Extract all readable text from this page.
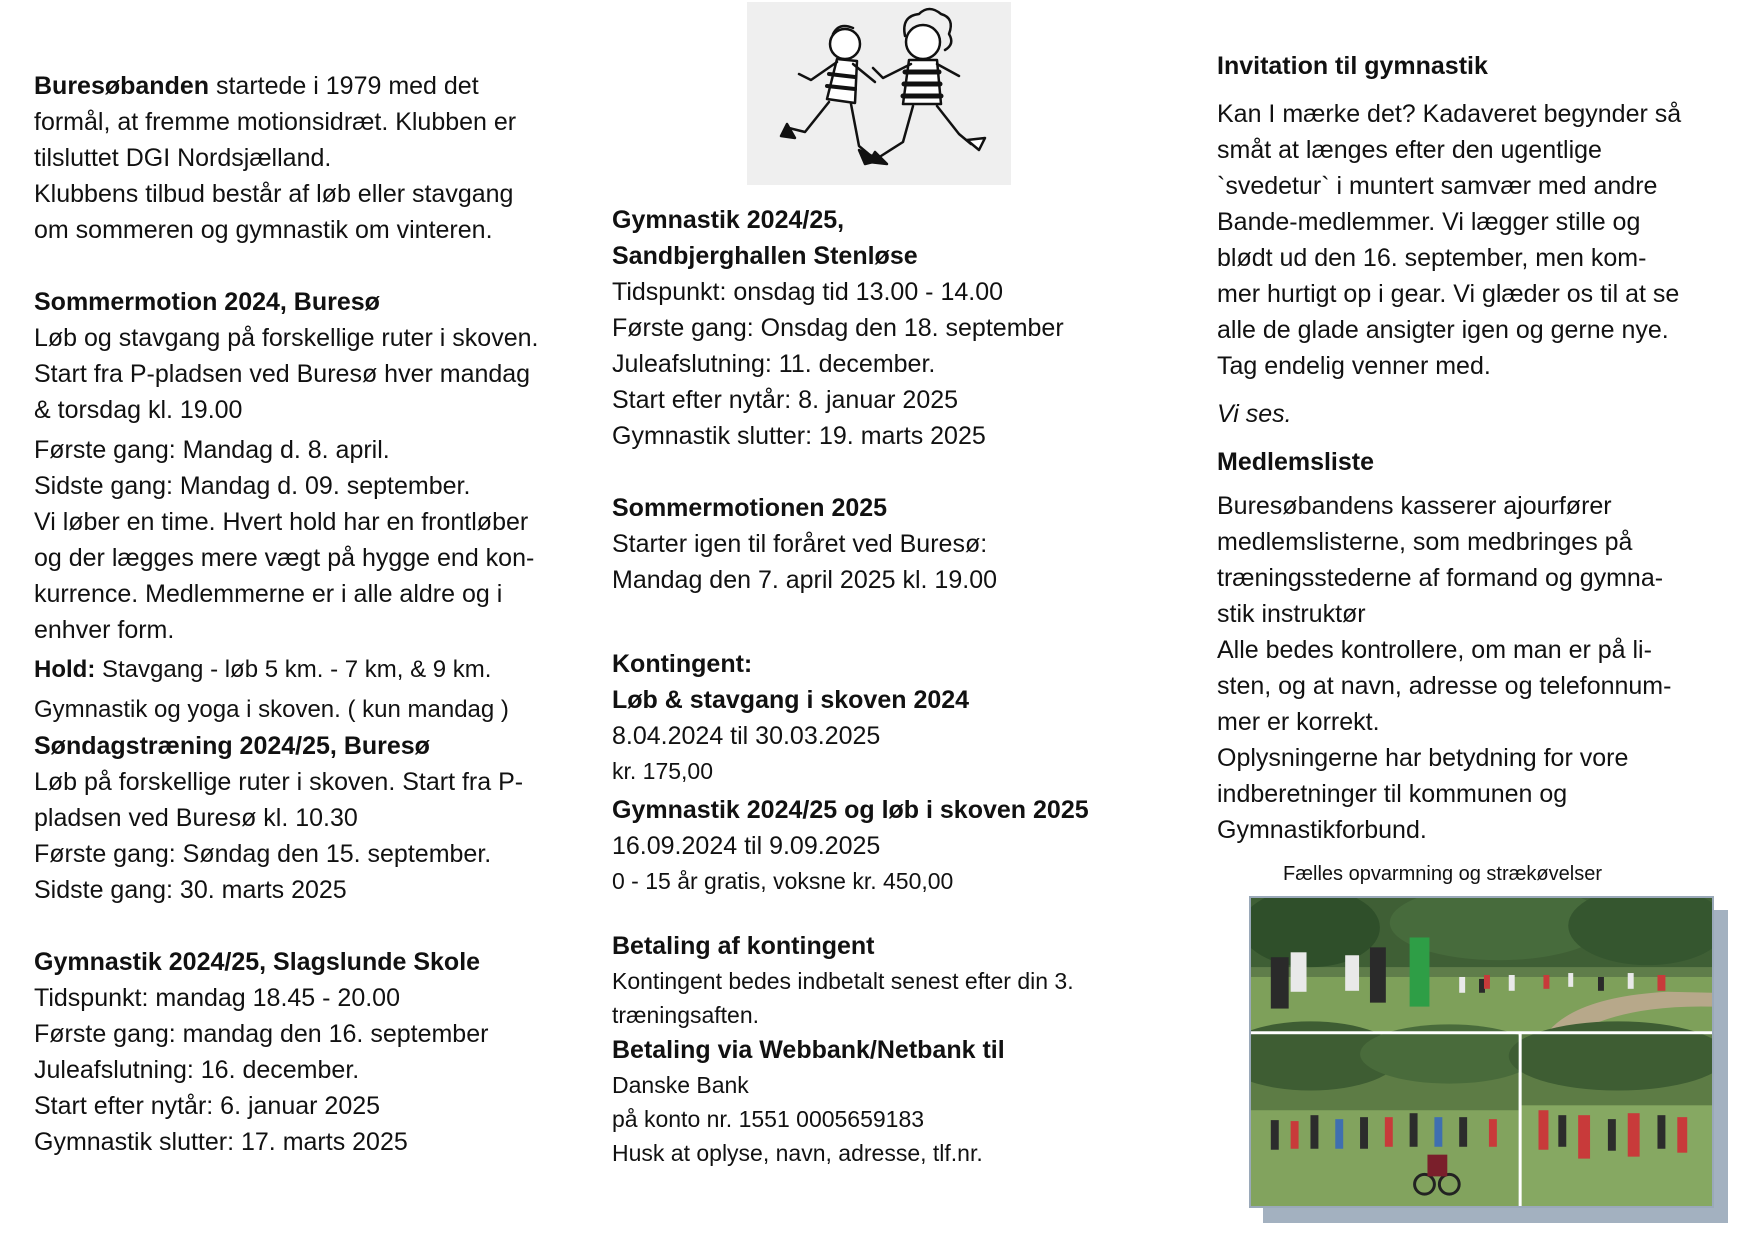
Buresøbanden startede i 1979 med det
formål, at fremme motionsidræt. Klubben er
tilsluttet DGI Nordsjælland.
Klubbens tilbud består af løb eller stavgang
om sommeren og gymnastik om vinteren.
Sommermotion 2024, Buresø
Løb og stavgang på forskellige ruter i skoven.
Start fra P-pladsen ved Buresø hver mandag
& torsdag kl. 19.00
Første gang: Mandag d. 8. april.
Sidste gang: Mandag d. 09. september.
Vi løber en time. Hvert hold har en frontløber
og der lægges mere vægt på hygge end kon-
kurrence. Medlemmerne er i alle aldre og i
enhver form.
Hold: Stavgang - løb 5 km. - 7 km, & 9 km.
Gymnastik og yoga i skoven. ( kun mandag )
Søndagstræning 2024/25, Buresø
Løb på forskellige ruter i skoven. Start fra P-
pladsen ved Buresø kl. 10.30
Første gang: Søndag den 15. september.
Sidste gang: 30. marts 2025
Gymnastik 2024/25, Slagslunde Skole
Tidspunkt: mandag 18.45 - 20.00
Første gang: mandag den 16. september
Juleafslutning: 16. december.
Start efter nytår: 6. januar 2025
Gymnastik slutter: 17. marts 2025
Gymnastik 2024/25,
Sandbjerghallen Stenløse
Tidspunkt: onsdag tid 13.00 - 14.00
Første gang: Onsdag den 18. september
Juleafslutning: 11. december.
Start efter nytår: 8. januar 2025
Gymnastik slutter: 19. marts 2025
Sommermotionen 2025
Starter igen til foråret ved Buresø:
Mandag den 7. april 2025 kl. 19.00
Kontingent:
Løb & stavgang i skoven 2024
8.04.2024 til 30.03.2025
kr. 175,00
Gymnastik 2024/25 og løb i skoven 2025
16.09.2024 til 9.09.2025
0 - 15 år gratis, voksne kr. 450,00
Betaling af kontingent
Kontingent bedes indbetalt senest efter din 3.
træningsaften.
Betaling via Webbank/Netbank til
Danske Bank
på konto nr. 1551 0005659183
Husk at oplyse, navn, adresse, tlf.nr.
Invitation til gymnastik
Kan I mærke det? Kadaveret begynder så
småt at længes efter den ugentlige
`svedetur` i muntert samvær med andre
Bande-medlemmer. Vi lægger stille og
blødt ud den 16. september, men kom-
mer hurtigt op i gear. Vi glæder os til at se
alle de glade ansigter igen og gerne nye.
Tag endelig venner med.
Vi ses.
Medlemsliste
Buresøbandens kasserer ajourfører
medlemslisterne, som medbringes på
træningsstederne af formand og gymna-
stik instruktør
Alle bedes kontrollere, om man er på li-
sten, og at navn, adresse og telefonnum-
mer er korrekt.
Oplysningerne har betydning for vore
indberetninger til kommunen og
Gymnastikforbund.
Fælles opvarmning og strækøvelser
